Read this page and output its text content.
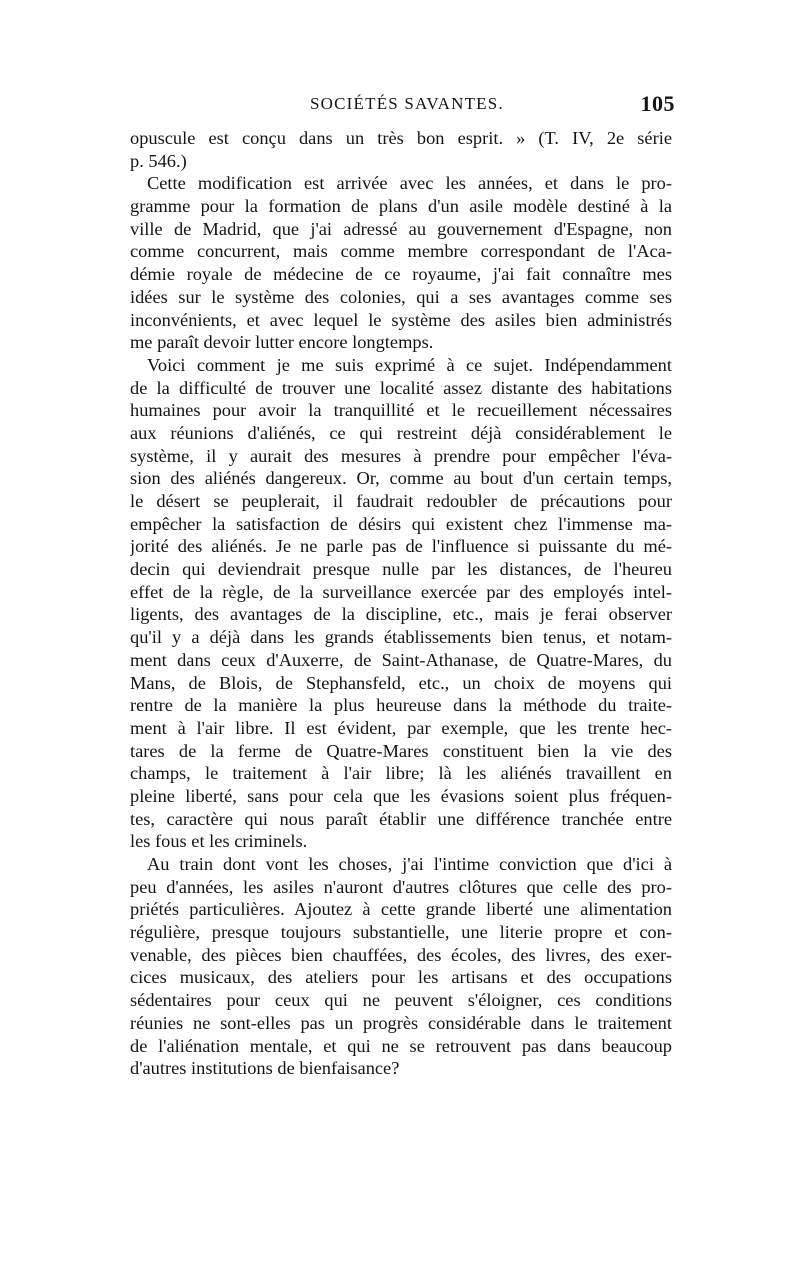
SOCIÉTÉS SAVANTES.	105
opuscule est conçu dans un très bon esprit. » (T. IV, 2e série
p. 546.)
Cette modification est arrivée avec les années, et dans le pro-
gramme pour la formation de plans d'un asile modèle destiné à la
ville de Madrid, que j'ai adressé au gouvernement d'Espagne, non
comme concurrent, mais comme membre correspondant de l'Aca-
démie royale de médecine de ce royaume, j'ai fait connaître mes
idées sur le système des colonies, qui a ses avantages comme ses
inconvénients, et avec lequel le système des asiles bien administrés
me paraît devoir lutter encore longtemps.
Voici comment je me suis exprimé à ce sujet. Indépendamment
de la difficulté de trouver une localité assez distante des habitations
humaines pour avoir la tranquillité et le recueillement nécessaires
aux réunions d'aliénés, ce qui restreint déjà considérablement le
système, il y aurait des mesures à prendre pour empêcher l'éva-
sion des aliénés dangereux. Or, comme au bout d'un certain temps,
le désert se peuplerait, il faudrait redoubler de précautions pour
empêcher la satisfaction de désirs qui existent chez l'immense ma-
jorité des aliénés. Je ne parle pas de l'influence si puissante du mé-
decin qui deviendrait presque nulle par les distances, de l'heureu
effet de la règle, de la surveillance exercée par des employés intel-
ligents, des avantages de la discipline, etc., mais je ferai observer
qu'il y a déjà dans les grands établissements bien tenus, et notam-
ment dans ceux d'Auxerre, de Saint-Athanase, de Quatre-Mares, du
Mans, de Blois, de Stephansfeld, etc., un choix de moyens qui
rentre de la manière la plus heureuse dans la méthode du traite-
ment à l'air libre. Il est évident, par exemple, que les trente hec-
tares de la ferme de Quatre-Mares constituent bien la vie des
champs, le traitement à l'air libre; là les aliénés travaillent en
pleine liberté, sans pour cela que les évasions soient plus fréquen-
tes, caractère qui nous paraît établir une différence tranchée entre
les fous et les criminels.
Au train dont vont les choses, j'ai l'intime conviction que d'ici à
peu d'années, les asiles n'auront d'autres clôtures que celle des pro-
priétés particulières. Ajoutez à cette grande liberté une alimentation
régulière, presque toujours substantielle, une literie propre et con-
venable, des pièces bien chauffées, des écoles, des livres, des exer-
cices musicaux, des ateliers pour les artisans et des occupations
sédentaires pour ceux qui ne peuvent s'éloigner, ces conditions
réunies ne sont-elles pas un progrès considérable dans le traitement
de l'aliénation mentale, et qui ne se retrouvent pas dans beaucoup
d'autres institutions de bienfaisance?
